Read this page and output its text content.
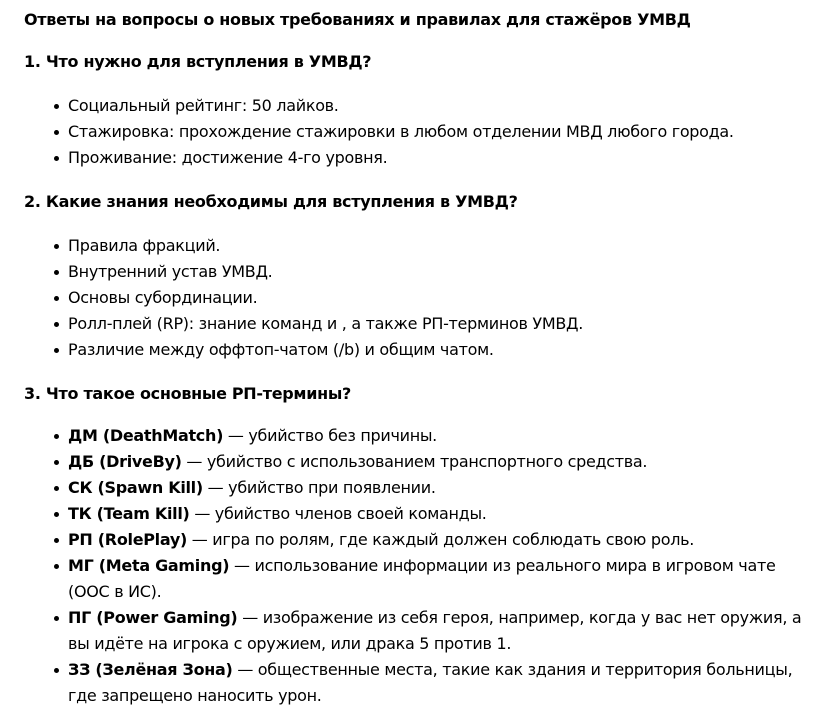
Ответы на вопросы о новых требованиях и правилах для стажёров УМВД

1. Что нужно для вступления в УМВД?

Социальный рейтинг: 50 лайков.
Стажировка: прохождение стажировки в любом отделении МВД любого города.
Проживание: достижение 4-го уровня.

2. Какие знания необходимы для вступления в УМВД?

Правила фракций.
Внутренний устав УМВД.
Основы субординации.
Ролл-плей (RP): знание команд и , а также РП-терминов УМВД.
Различие между оффтоп-чатом (/b) и общим чатом.

3. Что такое основные РП-термины?

ДМ (DeathMatch) — убийство без причины.
ДБ (DriveBy) — убийство с использованием транспортного средства.
СК (Spawn Kill) — убийство при появлении.
ТК (Team Kill) — убийство членов своей команды.
РП (RolePlay) — игра по ролям, где каждый должен соблюдать свою роль.
МГ (Meta Gaming) — использование информации из реального мира в игровом чате (ООС в ИС).
ПГ (Power Gaming) — изображение из себя героя, например, когда у вас нет оружия, а вы идёте на игрока с оружием, или драка 5 против 1.
ЗЗ (Зелёная Зона) — общественные места, такие как здания и территория больницы, где запрещено наносить урон.
